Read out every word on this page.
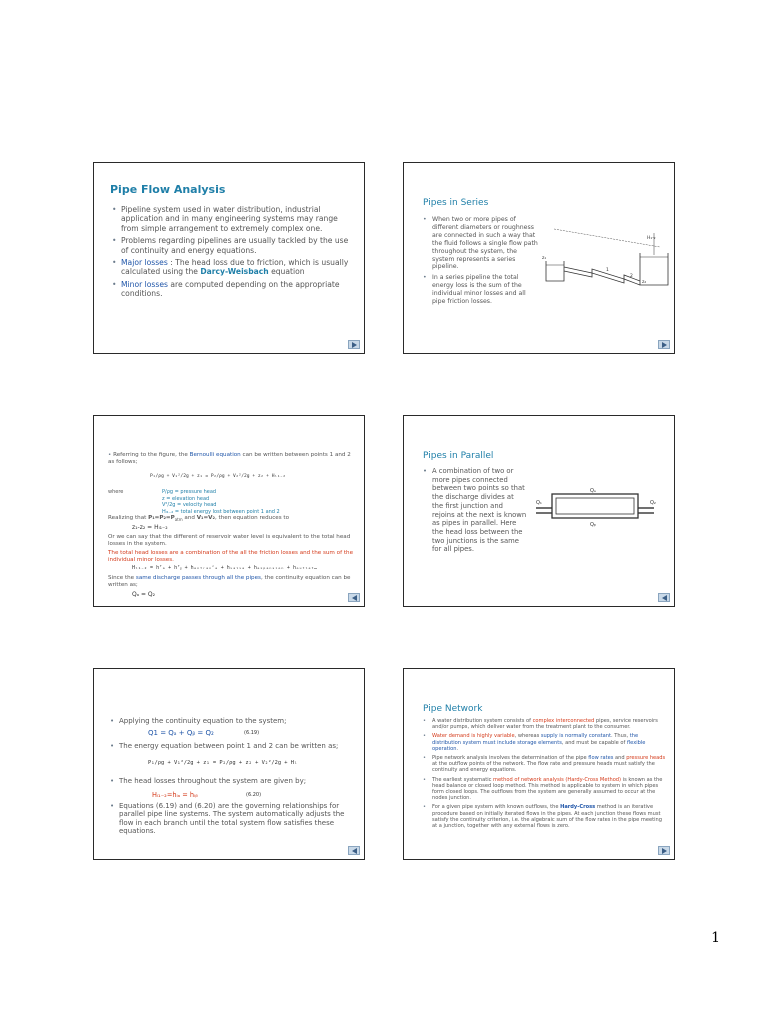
Pipe Flow Analysis
• Pipeline system used in water distribution, industrial application and in many engineering systems may range from simple arrangement to extremely complex one.
• Problems regarding pipelines are usually tackled by the use of continuity and energy equations.
• Major losses : The head loss due to friction, which is usually calculated using the Darcy-Weisbach equation
• Minor losses are computed depending on the appropriate conditions.
Pipes in Series
• When two or more pipes of different diameters or roughness are connected in such a way that the fluid follows a single flow path throughout the system, the system represents a series pipeline.
• In a series pipeline the total energy loss is the sum of the individual minor losses and all pipe friction losses.
H₁-₂
z₁
z₂
1
2
• Referring to the figure, the Bernoulli equation can be written between points 1 and 2 as follows;
P₁/ρg + V₁²/2g + z₁ = P₂/ρg + V₂²/2g + z₂ + Hₗ₁₋₂
where	P/ρg = pressure head
z = elevation head
V²/2g = velocity head
Hₗ₁₋₂ = total energy lost between point 1 and 2
Realizing that $P_1=P_2=P_{atm}$ and V₁=V₂, then equation reduces to
z₁-z₂ = Hₗ₁₋₂
Or we can say that the different of reservoir water level is equivalent to the total head losses in the system.
The total head losses are a combination of the all the friction losses and the sum of the individual minor losses.
Hₗ₁₋₂ = hᶠₐ + hᶠᵦ + hₑₙₜᵣₐₙᶜₑ + hᵥₐₗᵥₑ + hₑₓₚₐₙₛᵢₒₙ + hₒᵤₜₗₑₜ…
Since the same discharge passes through all the pipes, the continuity equation can be written as;
Qₐ = Q₂
Pipes in Parallel
• A combination of two or more pipes connected between two points so that the discharge divides at the first junction and rejoins at the next is known as pipes in parallel. Here the head loss between the two junctions is the same for all pipes.
Qₐ
Qᵦ
Q₁	Q₂
• Applying the continuity equation to the system;
Q1 = Qₐ + Qᵦ = Q₂	(6.19)
• The energy equation between point 1 and 2 can be written as;
P₁/ρg + V₁²/2g + z₁ = P₂/ρg + z₂ + V₂²/2g + Hₗ
• The head losses throughout the system are given by;
Hₗ₁₋₂=hₗₐ = hₗᵦ	(6.20)
• Equations (6.19) and (6.20) are the governing relationships for parallel pipe line systems. The system automatically adjusts the flow in each branch until the total system flow satisfies these equations.
Pipe Network
• A water distribution system consists of complex interconnected pipes, service reservoirs and/or pumps, which deliver water from the treatment plant to the consumer.
• Water demand is highly variable, whereas supply is normally constant. Thus, the distribution system must include storage elements, and must be capable of flexible operation.
• Pipe network analysis involves the determination of the pipe flow rates and pressure heads at the outflow points of the network. The flow rate and pressure heads must satisfy the continuity and energy equations.
• The earliest systematic method of network analysis (Hardy-Cross Method) is known as the head balance or closed loop method. This method is applicable to system in which pipes form closed loops. The outflows from the system are generally assumed to occur at the nodes junction.
• For a given pipe system with known outflows, the Hardy-Cross method is an iterative procedure based on initially iterated flows in the pipes. At each junction these flows must satisfy the continuity criterion, i.e. the algebraic sum of the flow rates in the pipe meeting at a junction, together with any external flows is zero.
1
